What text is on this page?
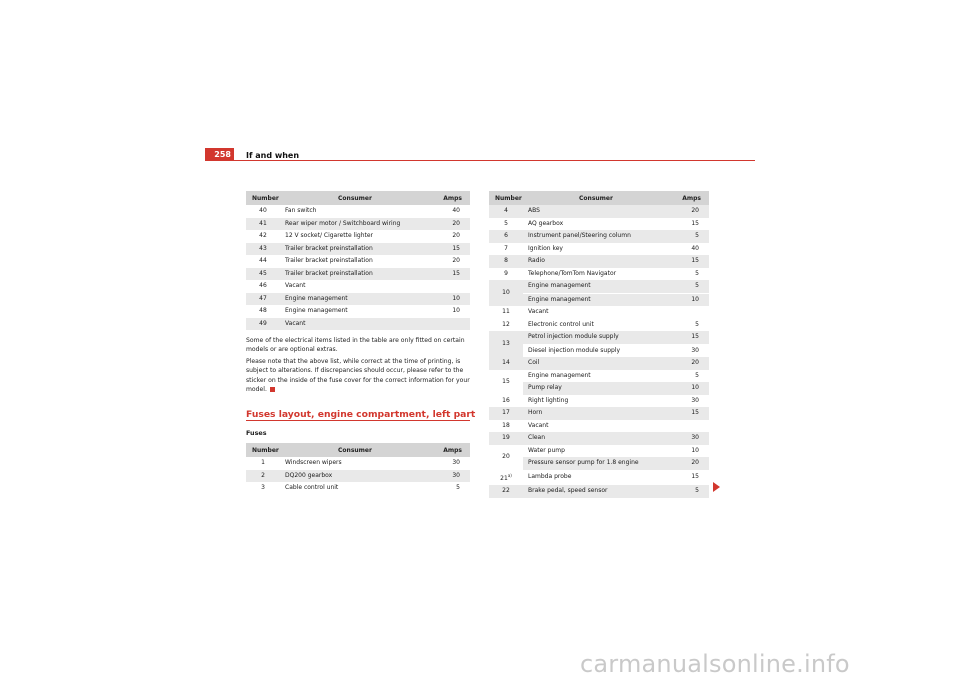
258	If and when
Number	Consumer	Amps
40	Fan switch	40
41	Rear wiper motor / Switchboard wiring	20
42	12 V socket/ Cigarette lighter	20
43	Trailer bracket preinstallation	15
44	Trailer bracket preinstallation	20
45	Trailer bracket preinstallation	15
46	Vacant	
47	Engine management	10
48	Engine management	10
49	Vacant	
Some of the electrical items listed in the table are only fitted on certain models or are optional extras.
Please note that the above list, while correct at the time of printing, is subject to alterations. If discrepancies should occur, please refer to the sticker on the inside of the fuse cover for the correct information for your model.
Fuses layout, engine compartment, left part
Fuses
Number	Consumer	Amps
1	Windscreen wipers	30
2	DQ200 gearbox	30
3	Cable control unit	5
Number	Consumer	Amps
4	ABS	20
5	AQ gearbox	15
6	Instrument panel/Steering column	5
7	Ignition key	40
8	Radio	15
9	Telephone/TomTom Navigator	5
10	Engine management	5
	Engine management	10
11	Vacant	
12	Electronic control unit	5
13	Petrol injection module supply	15
	Diesel injection module supply	30
14	Coil	20
15	Engine management	5
	Pump relay	10
16	Right lighting	30
17	Horn	15
18	Vacant	
19	Clean	30
20	Water pump	10
	Pressure sensor pump for 1.8 engine	20
21$^{a)}$	Lambda probe	15
22	Brake pedal, speed sensor	5
carmanualsonline.info
